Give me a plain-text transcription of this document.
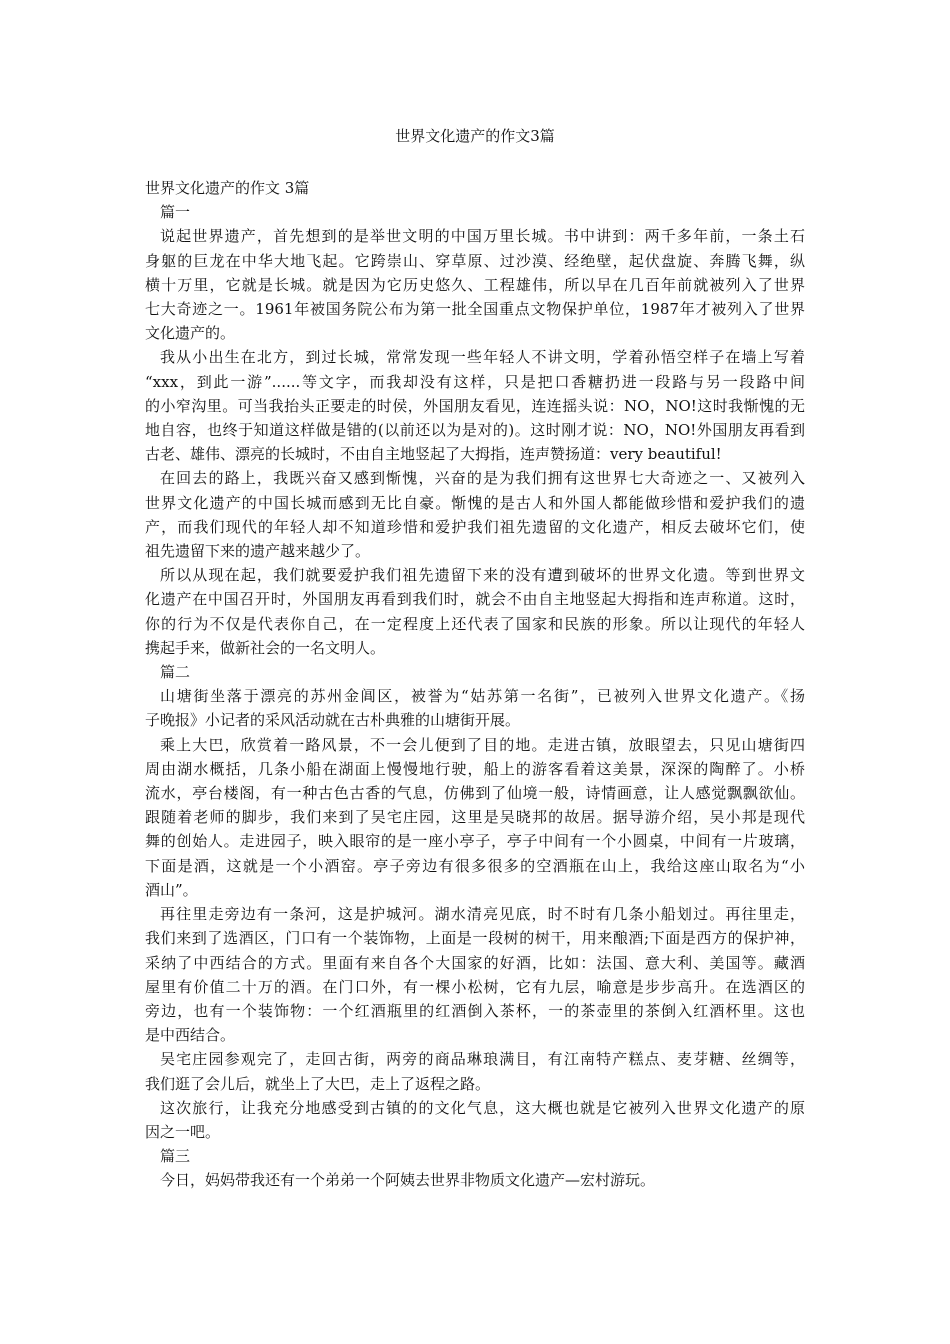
世界文化遗产的作文3篇
世界文化遗产的作文 3篇
篇一
说起世界遗产，首先想到的是举世文明的中国万里长城。书中讲到：两千多年前，一条土石
身躯的巨龙在中华大地飞起。它跨崇山、穿草原、过沙漠、经绝壁，起伏盘旋、奔腾飞舞，纵
横十万里，它就是长城。就是因为它历史悠久、工程雄伟，所以早在几百年前就被列入了世界
七大奇迹之一。1961年被国务院公布为第一批全国重点文物保护单位，1987年才被列入了世界
文化遗产的。
我从小出生在北方，到过长城，常常发现一些年轻人不讲文明，学着孙悟空样子在墙上写着
“xxx，到此一游”......等文字，而我却没有这样，只是把口香糖扔进一段路与另一段路中间
的小窄沟里。可当我抬头正要走的时侯，外国朋友看见，连连摇头说：NO，NO!这时我惭愧的无
地自容，也终于知道这样做是错的(以前还以为是对的)。这时刚才说：NO，NO!外国朋友再看到
古老、雄伟、漂亮的长城时，不由自主地竖起了大拇指，连声赞扬道：very beautiful!
在回去的路上，我既兴奋又感到惭愧，兴奋的是为我们拥有这世界七大奇迹之一、又被列入
世界文化遗产的中国长城而感到无比自豪。惭愧的是古人和外国人都能做珍惜和爱护我们的遗
产，而我们现代的年轻人却不知道珍惜和爱护我们祖先遗留的文化遗产，相反去破坏它们，使
祖先遗留下来的遗产越来越少了。
所以从现在起，我们就要爱护我们祖先遗留下来的没有遭到破坏的世界文化遗。等到世界文
化遗产在中国召开时，外国朋友再看到我们时，就会不由自主地竖起大拇指和连声称道。这时，
你的行为不仅是代表你自己，在一定程度上还代表了国家和民族的形象。所以让现代的年轻人
携起手来，做新社会的一名文明人。
篇二
山塘街坐落于漂亮的苏州金阊区，被誉为“姑苏第一名街”，已被列入世界文化遗产。《扬
子晚报》小记者的采风活动就在古朴典雅的山塘街开展。
乘上大巴，欣赏着一路风景，不一会儿便到了目的地。走进古镇，放眼望去，只见山塘街四
周由湖水概括，几条小船在湖面上慢慢地行驶，船上的游客看着这美景，深深的陶醉了。小桥
流水，亭台楼阁，有一种古色古香的气息，仿佛到了仙境一般，诗情画意，让人感觉飘飘欲仙。
跟随着老师的脚步，我们来到了吴宅庄园，这里是吴晓邦的故居。据导游介绍，吴小邦是现代
舞的创始人。走进园子，映入眼帘的是一座小亭子，亭子中间有一个小圆桌，中间有一片玻璃，
下面是酒，这就是一个小酒窑。亭子旁边有很多很多的空酒瓶在山上，我给这座山取名为“小
酒山”。
再往里走旁边有一条河，这是护城河。湖水清亮见底，时不时有几条小船划过。再往里走，
我们来到了选酒区，门口有一个装饰物，上面是一段树的树干，用来酿酒;下面是西方的保护神，
采纳了中西结合的方式。里面有来自各个大国家的好酒，比如：法国、意大利、美国等。藏酒
屋里有价值二十万的酒。在门口外，有一棵小松树，它有九层，喻意是步步高升。在选酒区的
旁边，也有一个装饰物：一个红酒瓶里的红酒倒入茶杯，一的茶壶里的茶倒入红酒杯里。这也
是中西结合。
吴宅庄园参观完了，走回古街，两旁的商品琳琅满目，有江南特产糕点、麦芽糖、丝绸等，
我们逛了会儿后，就坐上了大巴，走上了返程之路。
这次旅行，让我充分地感受到古镇的的文化气息，这大概也就是它被列入世界文化遗产的原
因之一吧。
篇三
今日，妈妈带我还有一个弟弟一个阿姨去世界非物质文化遗产—宏村游玩。
